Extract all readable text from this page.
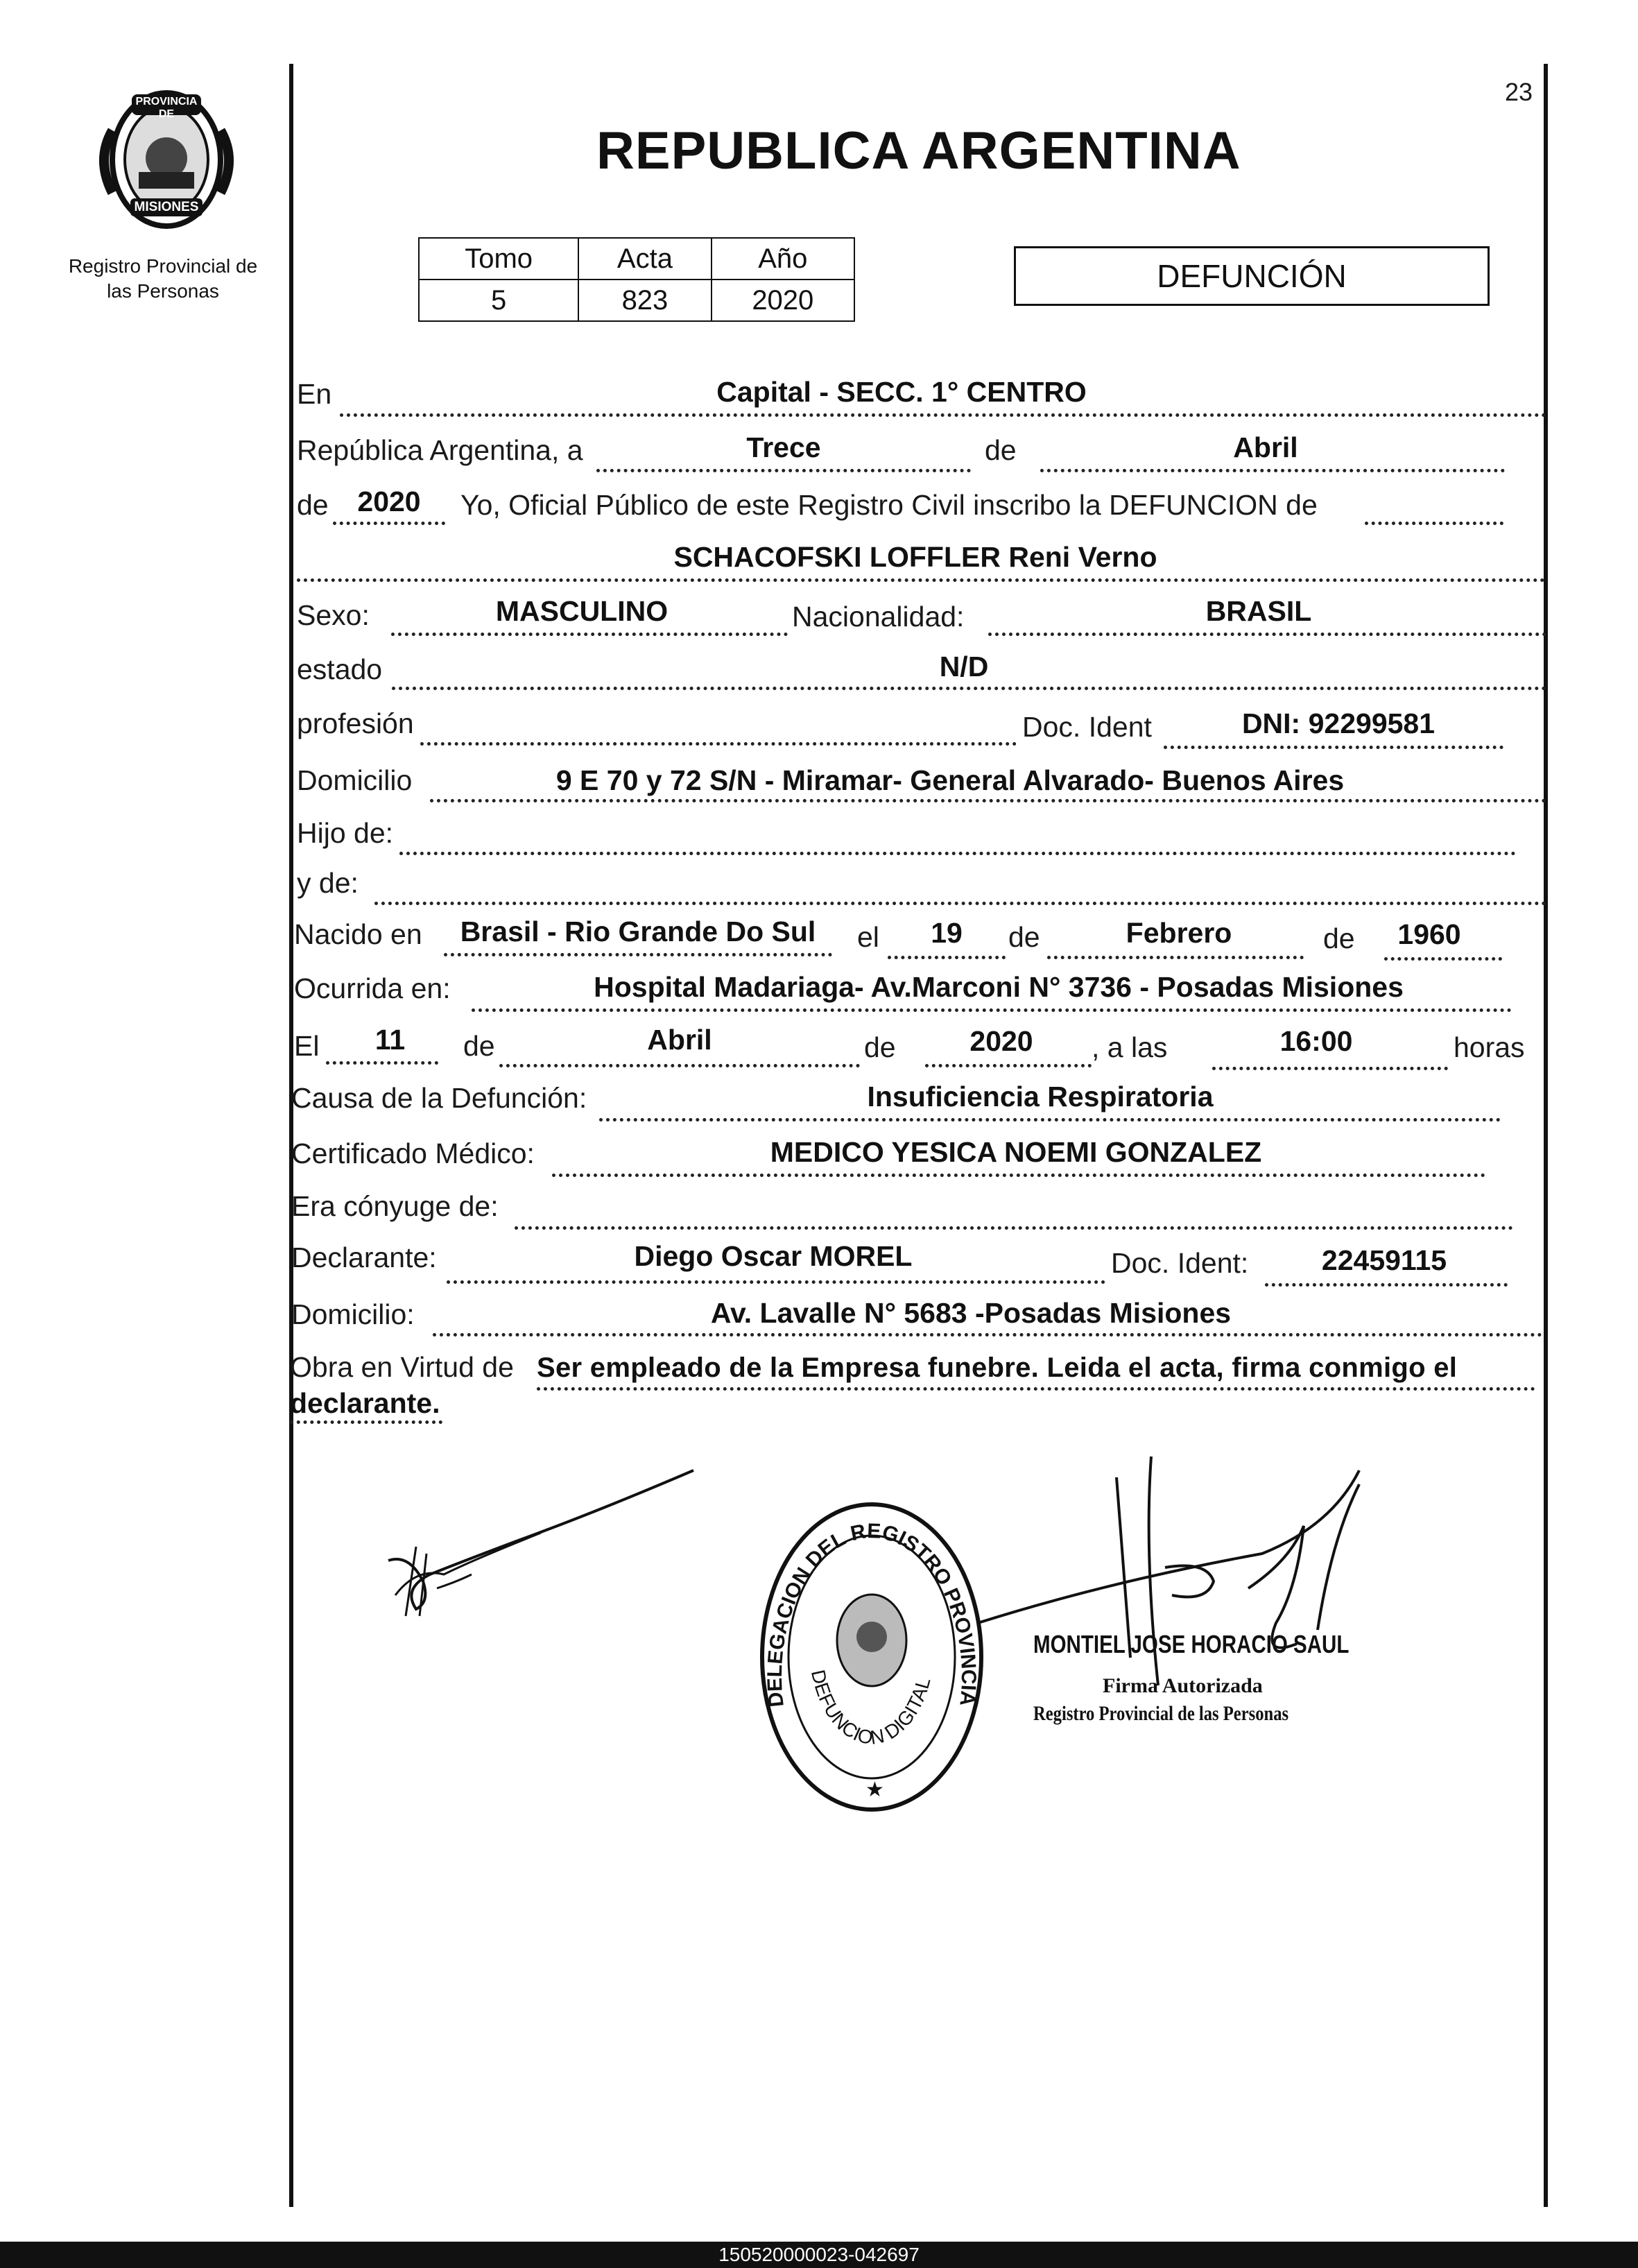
23
PROVINCIA DE
MISIONES
Registro Provincial de
las Personas
REPUBLICA ARGENTINA
Tomo	Acta	Año
5	823	2020
DEFUNCIÓN
En	Capital - SECC. 1° CENTRO
República Argentina, a	Trece	de	Abril
de	2020	Yo, Oficial Público de este Registro Civil inscribo la DEFUNCION de
SCHACOFSKI LOFFLER Reni Verno
Sexo:	MASCULINO	Nacionalidad:	BRASIL
estado	N/D
profesión	Doc. Ident	DNI: 92299581
Domicilio	9 E 70 y 72 S/N - Miramar- General Alvarado- Buenos Aires
Hijo de:
y de:
Nacido en	Brasil - Rio Grande Do Sul	el	19	de	Febrero	de	1960
Ocurrida en:	Hospital Madariaga- Av.Marconi N° 3736 - Posadas Misiones
El	11	de	Abril	de	2020	, a las	16:00	horas
Causa de la Defunción:	Insuficiencia Respiratoria
Certificado Médico:	MEDICO YESICA NOEMI GONZALEZ
Era cónyuge de:
Declarante:	Diego Oscar MOREL	Doc. Ident:	22459115
Domicilio:	Av. Lavalle N° 5683 -Posadas Misiones
Obra en Virtud de Ser empleado de la Empresa funebre. Leida el acta, firma conmigo el
declarante.
DELEGACION DEL REGISTRO PROVINCIA
DEFUNCION DIGITAL
★
MONTIEL JOSE HORACIO SAUL
Firma Autorizada
Registro Provincial de las Personas
150520000023-042697
